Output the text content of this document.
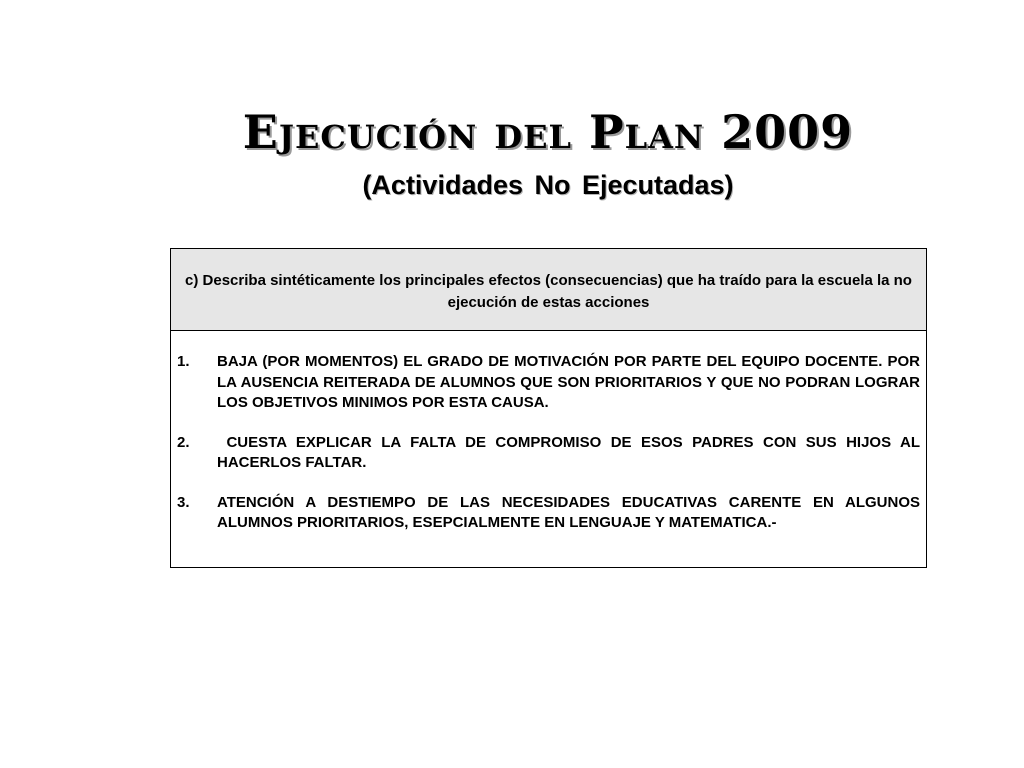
Ejecución del Plan 2009
(Actividades No Ejecutadas)
c) Describa sintéticamente los principales efectos (consecuencias) que ha traído para la escuela la no ejecución de estas acciones
1.	BAJA (POR MOMENTOS) EL GRADO DE MOTIVACIÓN POR PARTE DEL EQUIPO DOCENTE. POR LA AUSENCIA REITERADA DE ALUMNOS QUE SON PRIORITARIOS Y QUE NO PODRAN LOGRAR LOS OBJETIVOS MINIMOS POR ESTA CAUSA.
2.	CUESTA EXPLICAR LA FALTA DE COMPROMISO DE ESOS PADRES CON SUS HIJOS AL HACERLOS FALTAR.
3.	ATENCIÓN A DESTIEMPO DE LAS NECESIDADES EDUCATIVAS CARENTE EN ALGUNOS ALUMNOS PRIORITARIOS, ESEPCIALMENTE EN LENGUAJE Y MATEMATICA.-
